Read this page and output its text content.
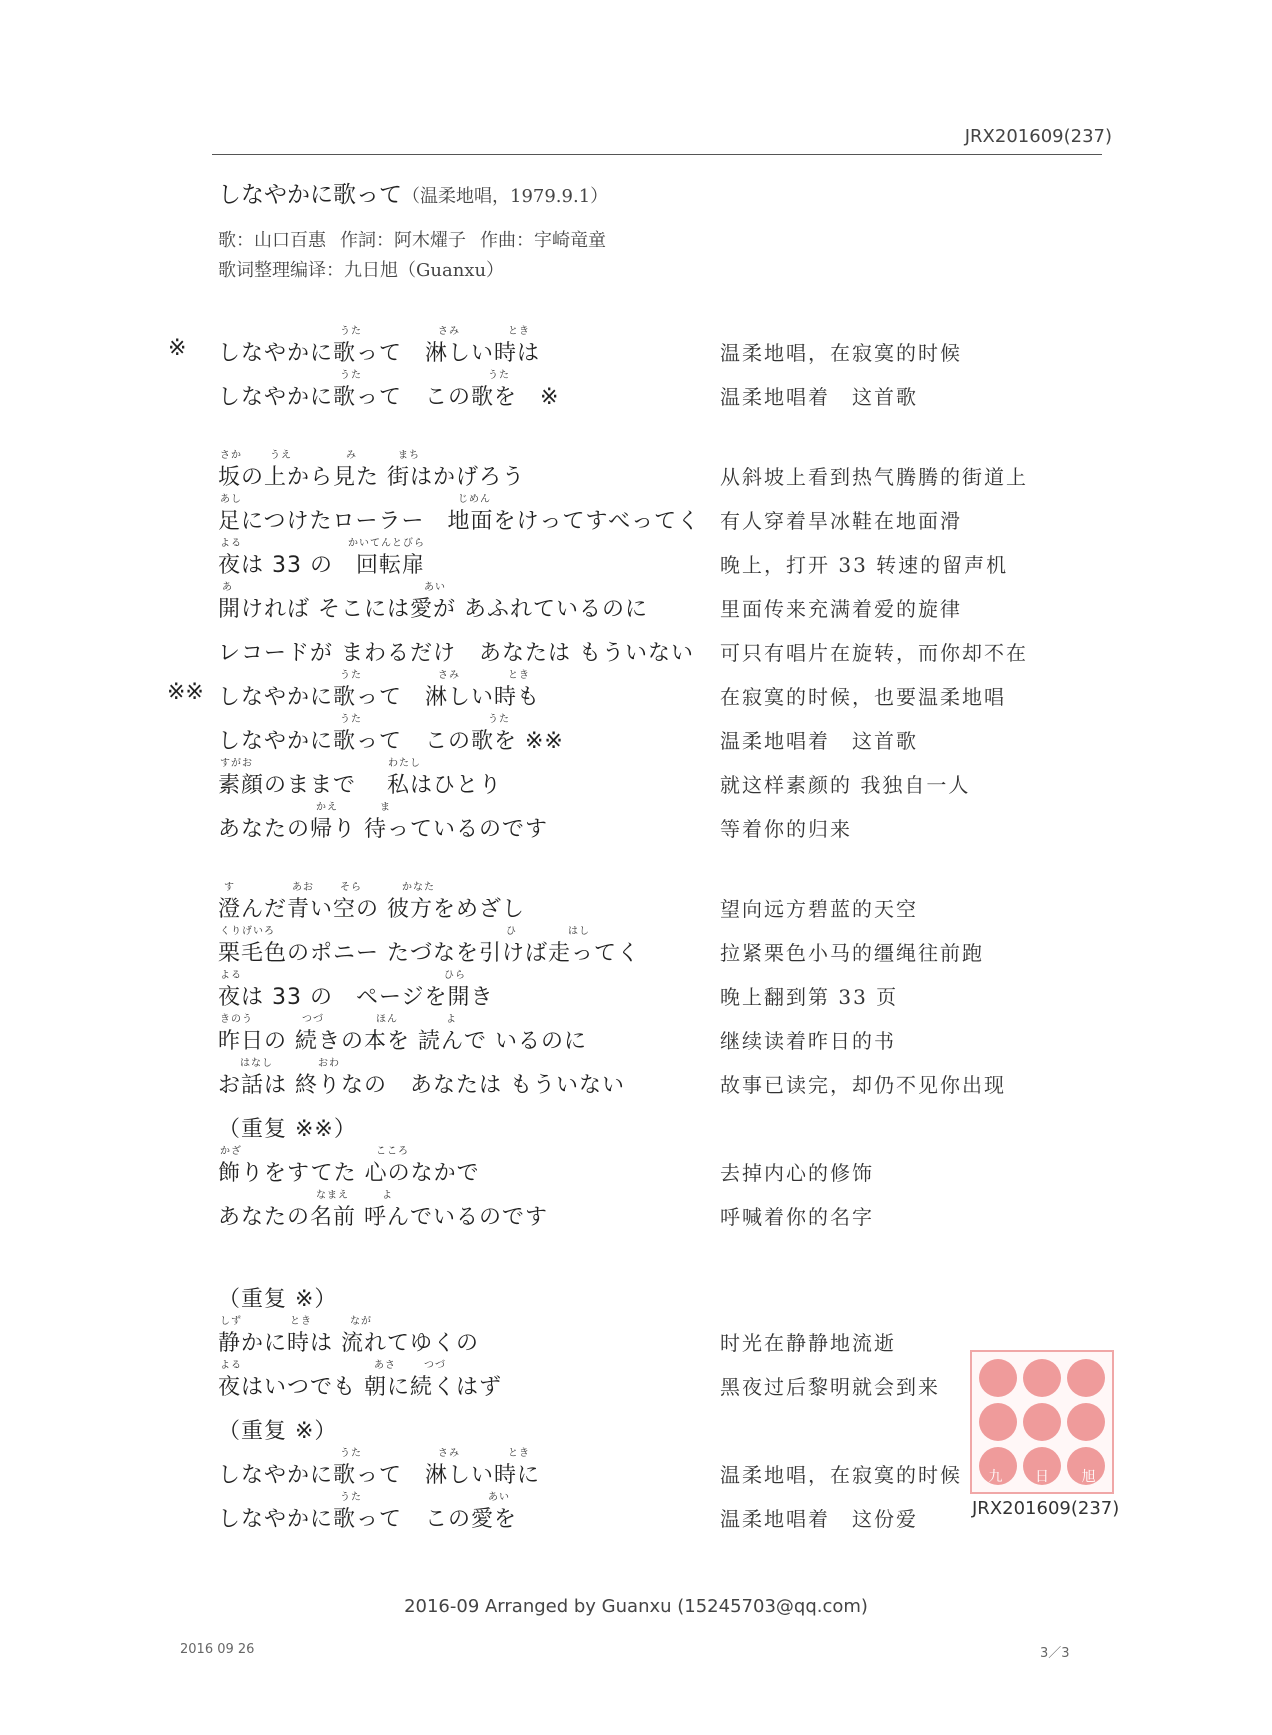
JRX201609(237)
しなやかに歌って（温柔地唱，1979.9.1）
歌：山口百惠 作詞：阿木燿子 作曲：宇崎竜童
歌词整理编译：九日旭（Guanxu）
※
うた	さみ	とき
しなやかに歌って　淋しい時は	温柔地唱，在寂寞的时候
うた	うた
しなやかに歌って　この歌を　※	温柔地唱着　这首歌
さか	うえ	み	まち
坂の上から見た 街はかげろう	从斜坡上看到热气腾腾的街道上
あし	じめん
足につけたローラー　地面をけってすべってく 有人穿着旱冰鞋在地面滑
よる	かいてんとびら
夜は 33 の　回転扉	晚上，打开 33 转速的留声机
あ	あい
開ければ そこには愛が あふれているのに	里面传来充满着爱的旋律
レコードが まわるだけ　あなたは もういない 可只有唱片在旋转，而你却不在
※※
うた	さみ	とき
しなやかに歌って　淋しい時も	在寂寞的时候，也要温柔地唱
うた	うた
しなやかに歌って　この歌を ※※	温柔地唱着　这首歌
すがお	わたし
素顔のままで　 私はひとり	就这样素颜的 我独自一人
かえ	ま
あなたの帰り 待っているのです	等着你的归来
す	あお	そら	かなた
澄んだ青い空の 彼方をめざし	望向远方碧蓝的天空
くりげいろ	ひ	はし
栗毛色のポニー たづなを引けば走ってく	拉紧栗色小马的缰绳往前跑
よる	ひら
夜は 33 の　ページを開き	晚上翻到第 33 页
きのう	つづ	ほん	よ
昨日の 続きの本を 読んで いるのに	继续读着昨日的书
はなし	おわ
お話は 終りなの　あなたは もういない	故事已读完，却仍不见你出现
（重复 ※※）
かざ	こころ
飾りをすてた 心のなかで	去掉内心的修饰
なまえ	よ
あなたの名前 呼んでいるのです	呼喊着你的名字
（重复 ※）
しず	とき	なが
静かに時は 流れてゆくの	时光在静静地流逝
よる	あさ	つづ
夜はいつでも 朝に続くはず	黑夜过后黎明就会到来
（重复 ※）
うた	さみ	とき
しなやかに歌って　淋しい時に	温柔地唱，在寂寞的时候
うた	あい
しなやかに歌って　この愛を	温柔地唱着　这份爱
九 日 旭
JRX201609(237)
2016-09 Arranged by Guanxu (15245703@qq.com)
2016 09 26	3／3
